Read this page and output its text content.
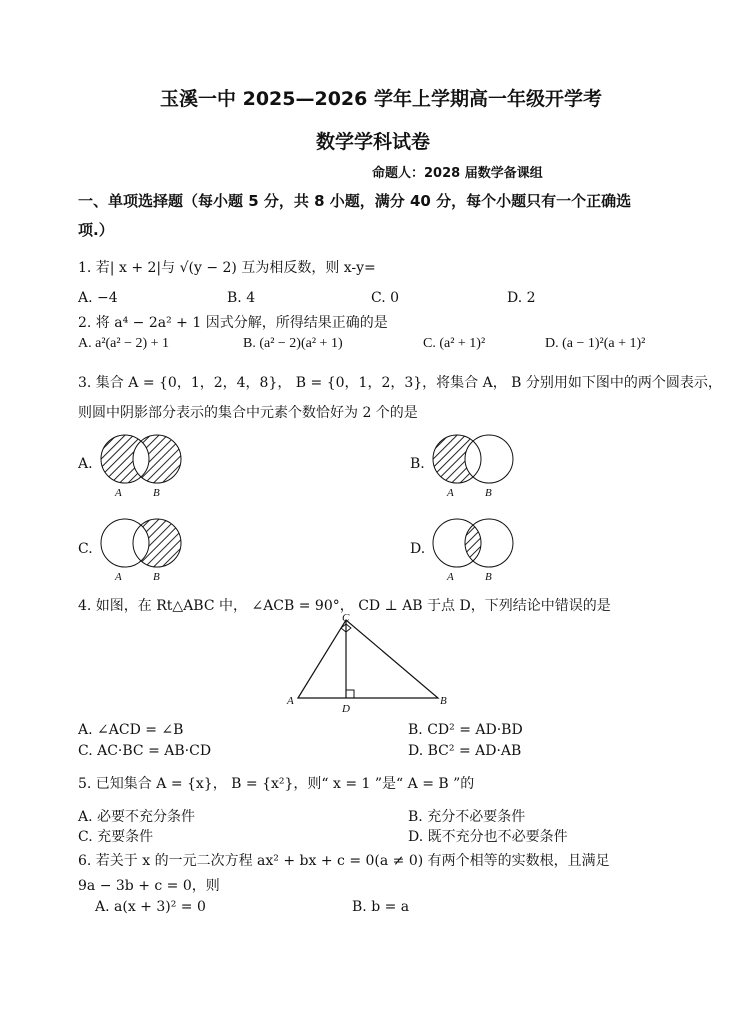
玉溪一中 2025—2026 学年上学期高一年级开学考
数学学科试卷
命题人：2028 届数学备课组
一、单项选择题（每小题 5 分，共 8 小题，满分 40 分，每个小题只有一个正确选
项.）
1. 若| x + 2|与 √(y − 2) 互为相反数，则 x-y=
A. −4	B. 4	C. 0	D. 2
2. 将 a⁴ − 2a² + 1 因式分解，所得结果正确的是
A. a²(a² − 2) + 1	B. (a² − 2)(a² + 1)	C. (a² + 1)²	D. (a − 1)²(a + 1)²
3. 集合 A = {0，1，2，4，8}， B = {0，1，2，3}，将集合 A， B 分别用如下图中的两个圆表示，
则圆中阴影部分表示的集合中元素个数恰好为 2 个的是
A.
A	B
B.
A	B
C.
A	B
D.
A	B
4. 如图，在 Rt△ABC 中， ∠ACB = 90°， CD ⊥ AB 于点 D，下列结论中错误的是
C
A	B
D
A. ∠ACD = ∠B	B. CD² = AD·BD
C. AC·BC = AB·CD	D. BC² = AD·AB
5. 已知集合 A = {x}， B = {x²}，则“ x = 1 ”是“ A = B ”的
A. 必要不充分条件	B. 充分不必要条件
C. 充要条件	D. 既不充分也不必要条件
6. 若关于 x 的一元二次方程 ax² + bx + c = 0(a ≠ 0) 有两个相等的实数根，且满足
9a − 3b + c = 0，则
A. a(x + 3)² = 0	B. b = a
